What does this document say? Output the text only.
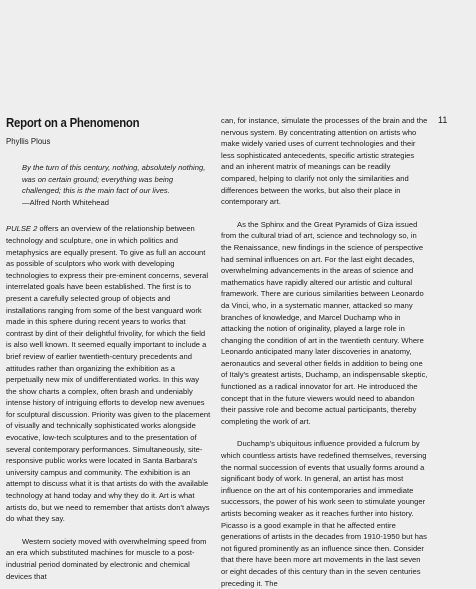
11
Report on a Phenomenon
Phyllis Plous
By the turn of this century, nothing, absolutely nothing, was on certain ground; everything was being challenged; this is the main fact of our lives.
—Alfred North Whitehead

PULSE 2 offers an overview of the relationship between technology and sculpture, one in which politics and metaphysics are equally present. To give as full an account as possible of sculptors who work with developing technologies to express their pre-eminent concerns, several interrelated goals have been established. The first is to present a carefully selected group of objects and installations ranging from some of the best vanguard work made in this sphere during recent years to works that contrast by dint of their delightful frivolity, for which the field is also well known. It seemed equally important to include a brief review of earlier twentieth-century precedents and attitudes rather than organizing the exhibition as a perpetually new mix of undifferentiated works. In this way the show charts a complex, often brash and undeniably intense history of intriguing efforts to develop new avenues for sculptural discussion. Priority was given to the placement of visually and technically sophisticated works alongside evocative, low-tech sculptures and to the presentation of several contemporary performances. Simultaneously, site-responsive public works were located in Santa Barbara's university campus and community. The exhibition is an attempt to discuss what it is that artists do with the available technology at hand today and why they do it. Art is what artists do, but we need to remember that artists don't always do what they say.

Western society moved with overwhelming speed from an era which substituted machines for muscle to a post-industrial period dominated by electronic and chemical devices that

can, for instance, simulate the processes of the brain and the nervous system. By concentrating attention on artists who make widely varied uses of current technologies and their less sophisticated antecedents, specific artistic strategies and an inherent matrix of meanings can be readily compared, helping to clarify not only the similarities and differences between the works, but also their place in contemporary art.

As the Sphinx and the Great Pyramids of Giza issued from the cultural triad of art, science and technology so, in the Renaissance, new findings in the science of perspective had seminal influences on art. For the last eight decades, overwhelming advancements in the areas of science and mathematics have rapidly altered our artistic and cultural framework. There are curious similarities between Leonardo da Vinci, who, in a systematic manner, attacked so many branches of knowledge, and Marcel Duchamp who in attacking the notion of originality, played a large role in changing the condition of art in the twentieth century. Where Leonardo anticipated many later discoveries in anatomy, aeronautics and several other fields in addition to being one of Italy's greatest artists, Duchamp, an indispensable skeptic, functioned as a radical innovator for art. He introduced the concept that in the future viewers would need to abandon their passive role and become actual participants, thereby completing the work of art.

Duchamp's ubiquitous influence provided a fulcrum by which countless artists have redefined themselves, reversing the normal succession of events that usually forms around a significant body of work. In general, an artist has most influence on the art of his contemporaries and immediate successors, the power of his work seen to stimulate younger artists becoming weaker as it reaches further into history. Picasso is a good example in that he affected entire generations of artists in the decades from 1910-1950 but has not figured prominently as an influence since then. Consider that there have been more art movements in the last seven or eight decades of this century than in the seven centuries preceding it. The
